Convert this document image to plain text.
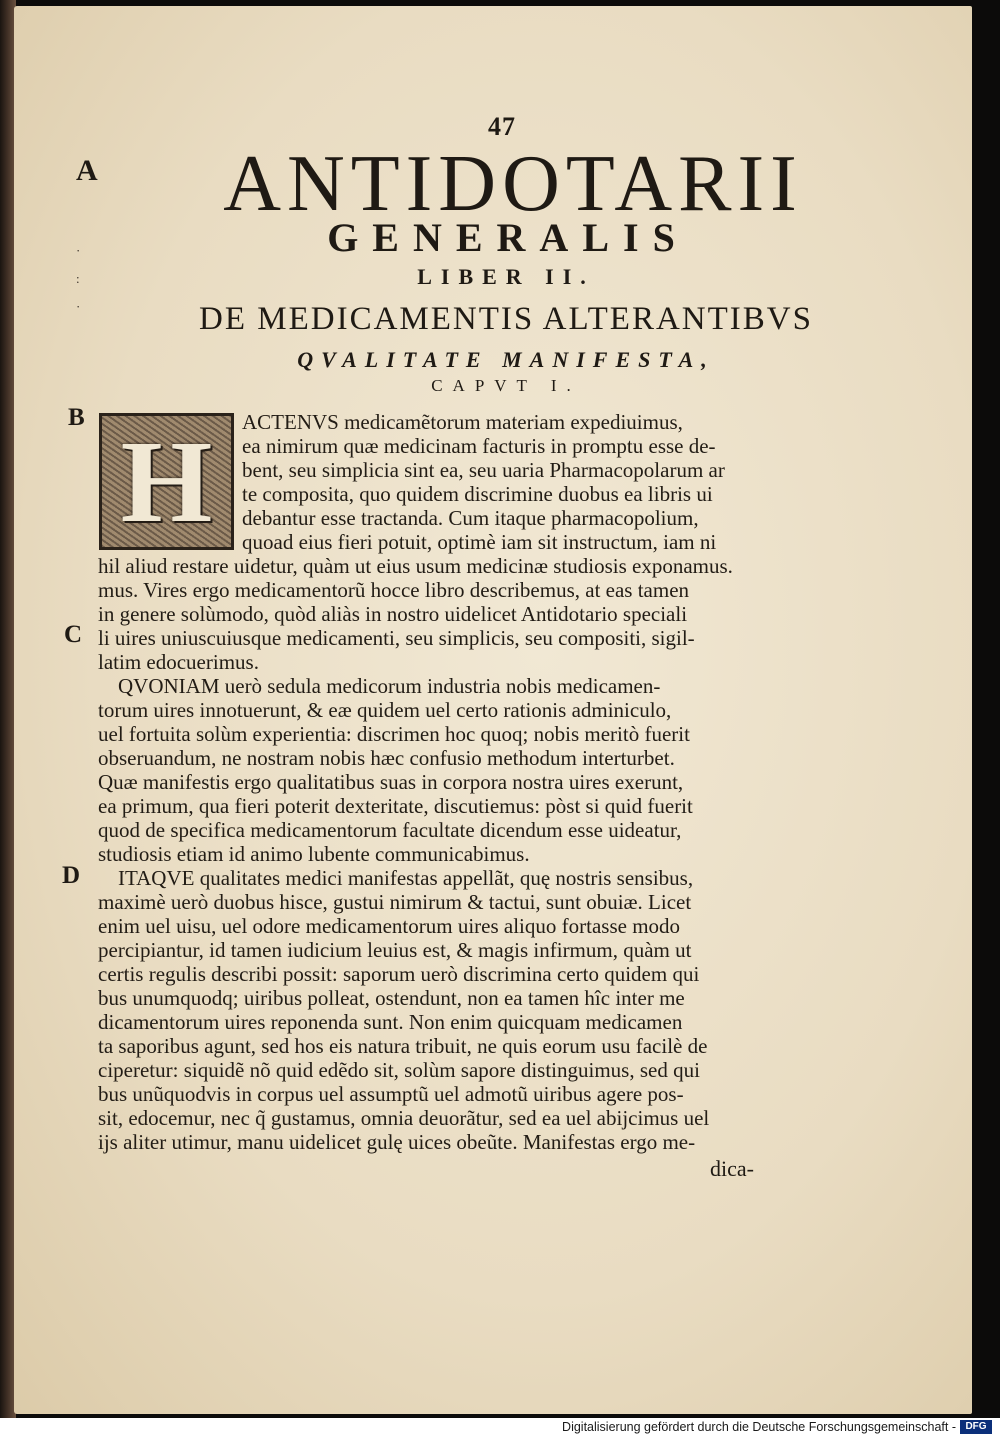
·

:

·
47
A	ANTIDOTARII
GENERALIS
LIBER II.
DE MEDICAMENTIS ALTERANTIBVS
QVALITATE MANIFESTA,
CAPVT I.
B
C
D
H	ACTENVS medicamẽtorum materiam expediuimus,
ea nimirum quæ medicinam facturis in promptu esse de-
bent, seu simplicia sint ea, seu uaria Pharmacopolarum ar
te composita, quo quidem discrimine duobus ea libris ui
debantur esse tractanda. Cum itaque pharmacopolium,
quoad eius fieri potuit, optimè iam sit instructum, iam ni
hil aliud restare uidetur, quàm ut eius usum medicinæ studiosis exponamus.
mus. Vires ergo medicamentorũ hocce libro describemus, at eas tamen
in genere solùmodo, quòd aliàs in nostro uidelicet Antidotario speciali
li uires uniuscuiusque medicamenti, seu simplicis, seu compositi, sigil-
latim edocuerimus.
QVONIAM uerò sedula medicorum industria nobis medicamen-
torum uires innotuerunt, & eæ quidem uel certo rationis adminiculo,
uel fortuita solùm experientia: discrimen hoc quoq; nobis meritò fuerit
obseruandum, ne nostram nobis hæc confusio methodum interturbet.
Quæ manifestis ergo qualitatibus suas in corpora nostra uires exerunt,
ea primum, qua fieri poterit dexteritate, discutiemus: pòst si quid fuerit
quod de specifica medicamentorum facultate dicendum esse uideatur,
studiosis etiam id animo lubente communicabimus.
ITAQVE qualitates medici manifestas appellãt, quę nostris sensibus,
maximè uerò duobus hisce, gustui nimirum & tactui, sunt obuiæ. Licet
enim uel uisu, uel odore medicamentorum uires aliquo fortasse modo
percipiantur, id tamen iudicium leuius est, & magis infirmum, quàm ut
certis regulis describi possit: saporum uerò discrimina certo quidem qui
bus unumquodq; uiribus polleat, ostendunt, non ea tamen hîc inter me
dicamentorum uires reponenda sunt. Non enim quicquam medicamen
ta saporibus agunt, sed hos eis natura tribuit, ne quis eorum usu facilè de
ciperetur: siquidẽ nõ quid edẽdo sit, solùm sapore distinguimus, sed qui
bus unũquodvis in corpus uel assumptũ uel admotũ uiribus agere pos-
sit, edocemur, nec q̃ gustamus, omnia deuorãtur, sed ea uel abijcimus uel
ijs aliter utimur, manu uidelicet gulę uices obeũte. Manifestas ergo me-
dica-
Digitalisierung gefördert durch die Deutsche Forschungsgemeinschaft - DFG
